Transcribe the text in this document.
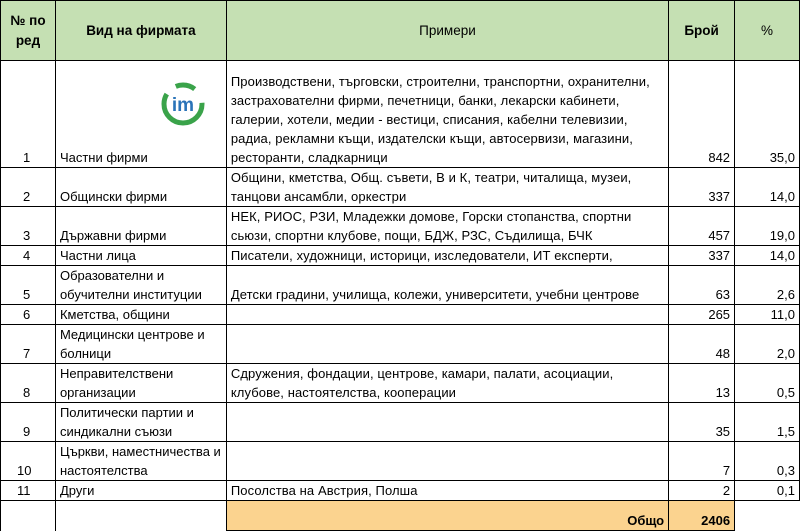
№ по ред	Вид на фирмата	Примери	Брой	%
1	Частни фирми	Производствени, търговски, строителни, транспортни, охранителни, застрахователни фирми, печетници, банки, лекарски кабинети, галерии, хотели, медии - вестици, списания, кабелни телевизии, радиа, рекламни къщи, издателски къщи, автосервизи, магазини, ресторанти, сладкарници	842	35,0
2	Общински фирми	Общини, кметства, Общ. съвети, В и К, театри, читалища, музеи, танцови ансамбли, оркестри	337	14,0
3	Държавни фирми	НЕК, РИОС, РЗИ, Младежки домове, Горски стопанства, спортни сьюзи, спортни клубове, пощи, БДЖ, РЗС, Съдилища, БЧК	457	19,0
4	Частни лица	Писатели, художници, историци, изследователи, ИТ експерти,	337	14,0
5	Образователни и обучителни институции	Детски градини, училища, колежи, университети, учебни центрове	63	2,6
6	Кметства, общини		265	11,0
7	Медицински центрове и болници		48	2,0
8	Неправителствени организации	Сдружения, фондации, центрове, камари, палати, асоциации, клубове, настоятелства, кооперации	13	0,5
9	Политически партии и синдикални съюзи		35	1,5
10	Църкви, наместничества и настоятелства		7	0,3
11	Други	Посолства на Австрия, Полша	2	0,1
		Общо	2406	
im
